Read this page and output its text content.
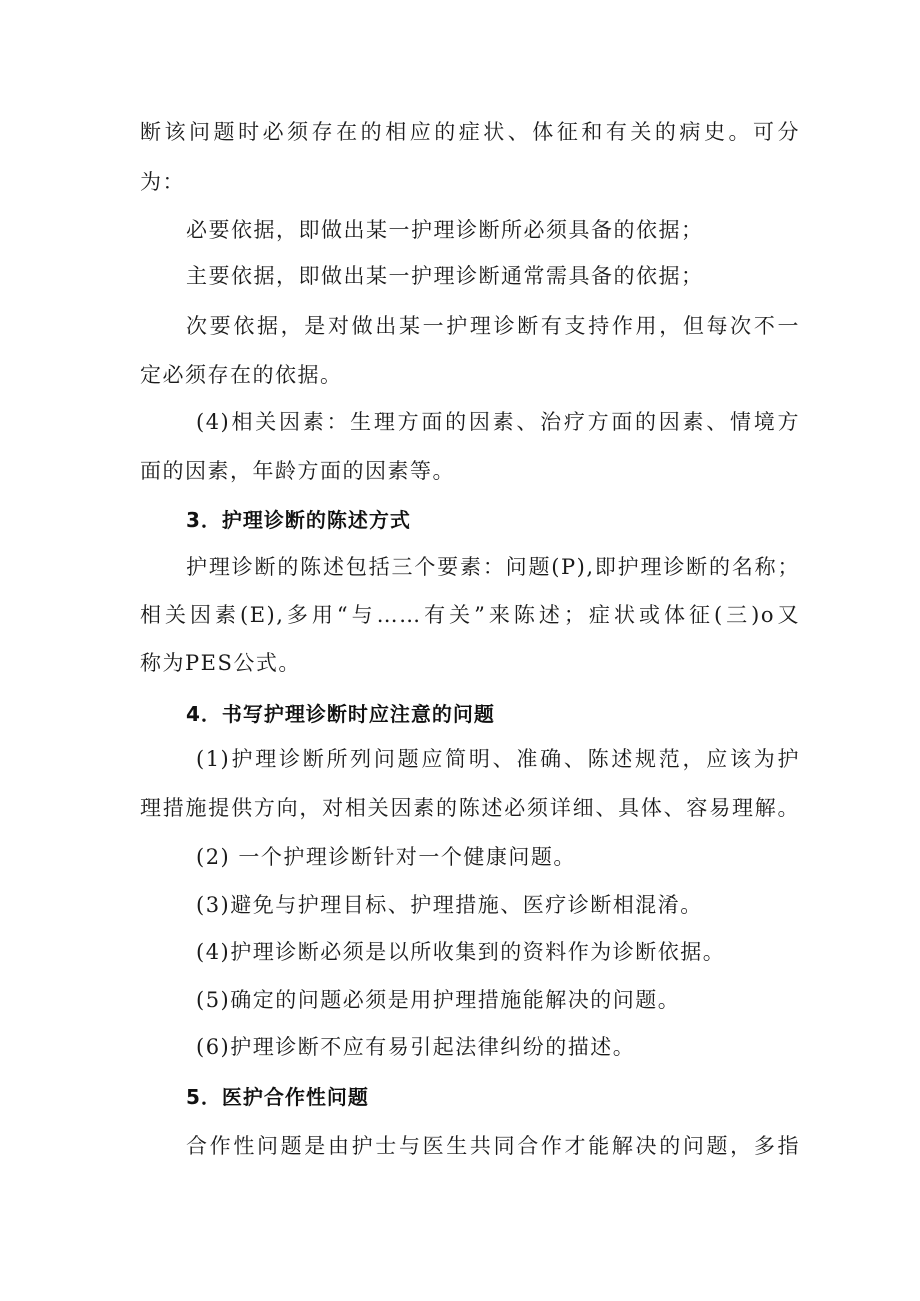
断该问题时必须存在的相应的症状、体征和有关的病史。可分
为：
必要依据，即做出某一护理诊断所必须具备的依据；
主要依据，即做出某一护理诊断通常需具备的依据；
次要依据，是对做出某一护理诊断有支持作用，但每次不一
定必须存在的依据。
(4)相关因素：生理方面的因素、治疗方面的因素、情境方
面的因素，年龄方面的因素等。
3．护理诊断的陈述方式
护理诊断的陈述包括三个要素：问题(P),即护理诊断的名称；
相关因素(E),多用“与……有关”来陈述；症状或体征(三)o又
称为PES公式。
4．书写护理诊断时应注意的问题
(1)护理诊断所列问题应简明、准确、陈述规范，应该为护
理措施提供方向，对相关因素的陈述必须详细、具体、容易理解。
(2) 一个护理诊断针对一个健康问题。
(3)避免与护理目标、护理措施、医疗诊断相混淆。
(4)护理诊断必须是以所收集到的资料作为诊断依据。
(5)确定的问题必须是用护理措施能解决的问题。
(6)护理诊断不应有易引起法律纠纷的描述。
5．医护合作性问题
合作性问题是由护士与医生共同合作才能解决的问题，多指
